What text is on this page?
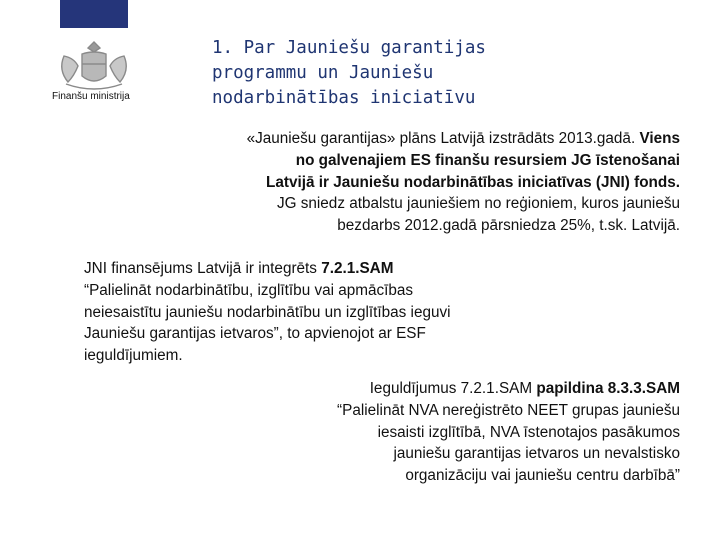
Finanšu ministrija
1. Par Jauniešu garantijas
programmu un Jauniešu
nodarbinātības iniciatīvu
«Jauniešu garantijas» plāns Latvijā izstrādāts 2013.gadā. Viens
no galvenajiem ES finanšu resursiem JG īstenošanai
Latvijā ir Jauniešu nodarbinātības iniciatīvas (JNI) fonds.
JG sniedz atbalstu jauniešiem no reģioniem, kuros jauniešu
bezdarbs 2012.gadā pārsniedza 25%, t.sk. Latvijā.
JNI finansējums Latvijā ir integrēts 7.2.1.SAM
“Palielināt nodarbinātību, izglītību vai apmācības
neiesaistītu jauniešu nodarbinātību un izglītības ieguvi
Jauniešu garantijas ietvaros”, to apvienojot ar ESF
ieguldījumiem.
Ieguldījumus 7.2.1.SAM papildina 8.3.3.SAM
“Palielināt NVA nereģistrēto NEET grupas jauniešu
iesaisti izglītībā, NVA īstenotajos pasākumos
jauniešu garantijas ietvaros un nevalstisko
organizāciju vai jauniešu centru darbībā”
